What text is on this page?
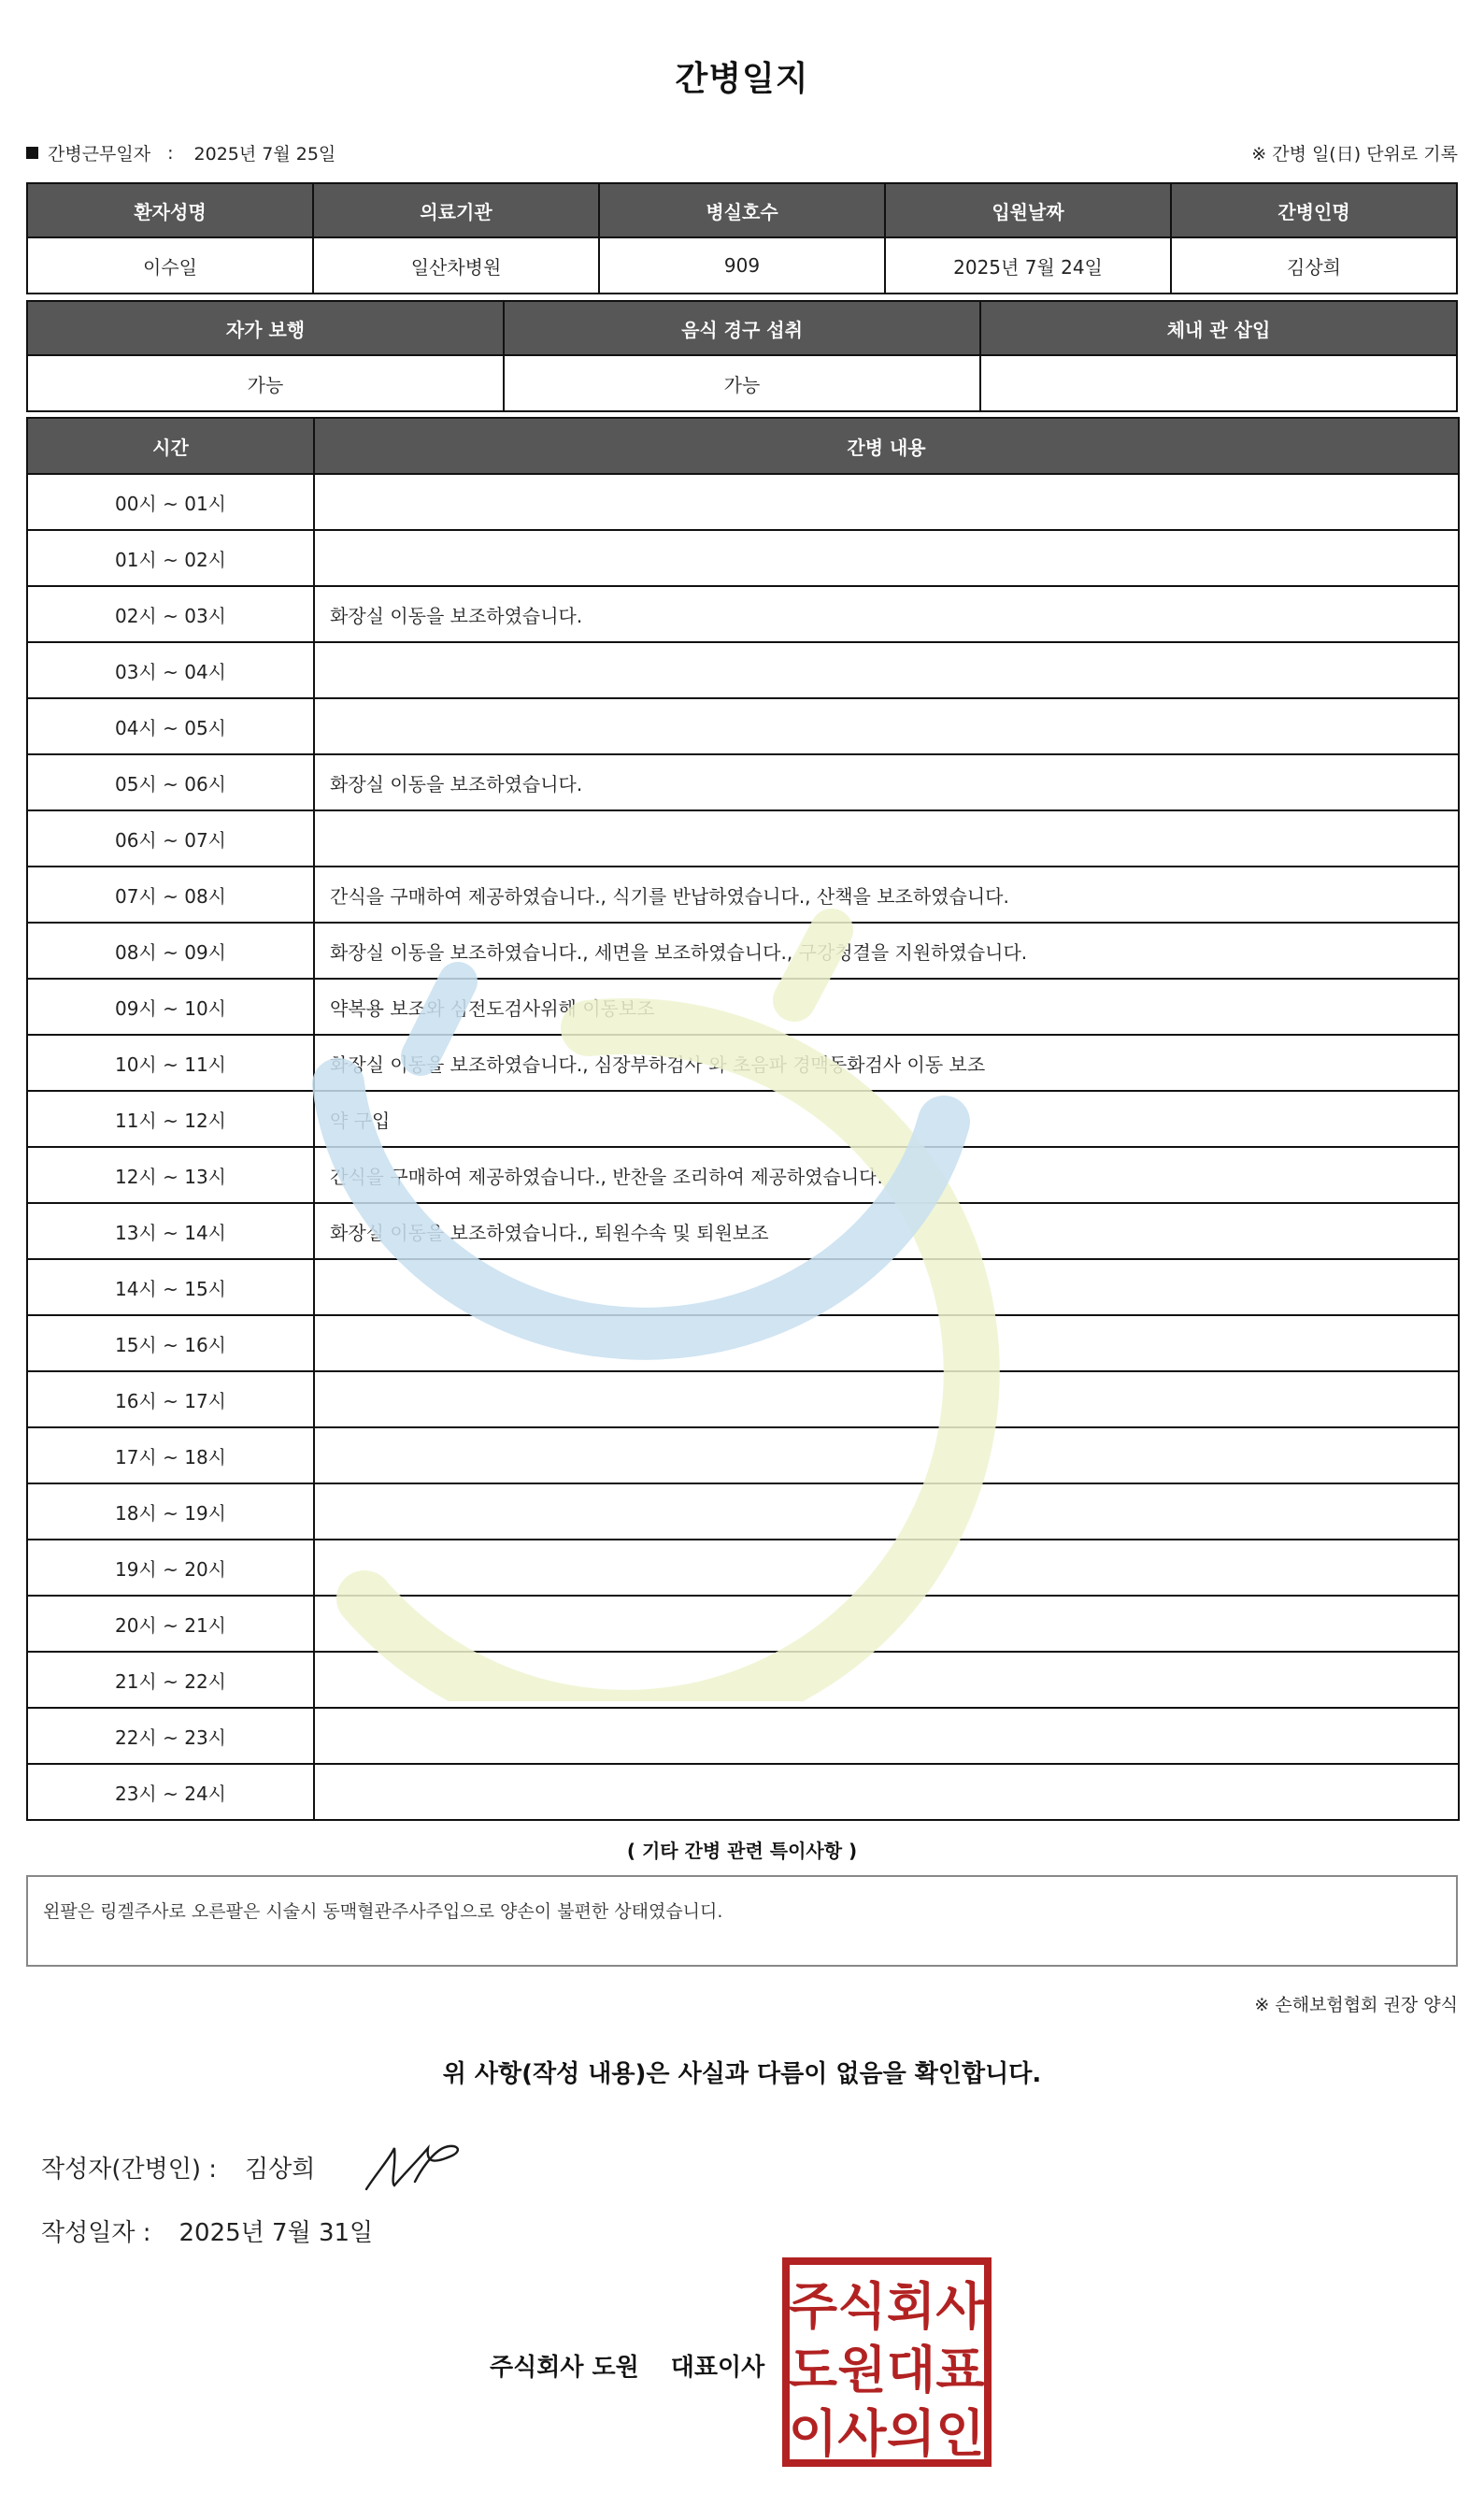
간병일지
간병근무일자 : 2025년 7월 25일	※ 간병 일(日) 단위로 기록
환자성명	의료기관	병실호수	입원날짜	간병인명
이수일	일산차병원	909	2025년 7월 24일	김상희
자가 보행	음식 경구 섭취	체내 관 삽입
가능	가능	
시간	간병 내용
00시 ~ 01시	
01시 ~ 02시	
02시 ~ 03시	화장실 이동을 보조하였습니다.
03시 ~ 04시	
04시 ~ 05시	
05시 ~ 06시	화장실 이동을 보조하였습니다.
06시 ~ 07시	
07시 ~ 08시	간식을 구매하여 제공하였습니다., 식기를 반납하였습니다., 산책을 보조하였습니다.
08시 ~ 09시	화장실 이동을 보조하였습니다., 세면을 보조하였습니다., 구강청결을 지원하였습니다.
09시 ~ 10시	약복용 보조와 심전도검사위해 이동보조
10시 ~ 11시	화장실 이동을 보조하였습니다., 심장부하검사 와 초음파 경맥동화검사 이동 보조
11시 ~ 12시	약 구입
12시 ~ 13시	간식을 구매하여 제공하였습니다., 반찬을 조리하여 제공하였습니다.
13시 ~ 14시	화장실 이동을 보조하였습니다., 퇴원수속 및 퇴원보조
14시 ~ 15시	
15시 ~ 16시	
16시 ~ 17시	
17시 ~ 18시	
18시 ~ 19시	
19시 ~ 20시	
20시 ~ 21시	
21시 ~ 22시	
22시 ~ 23시	
23시 ~ 24시	
( 기타 간병 관련 특이사항 )
왼팔은 링겔주사로 오른팔은 시술시 동맥혈관주사주입으로 양손이 불편한 상태였습니디.
※ 손해보험협회 권장 양식
위 사항(작성 내용)은 사실과 다름이 없음을 확인합니다.
작성자(간병인) : 김상희
작성일자 : 2025년 7월 31일
주식회사 도원 대표이사
주 식 회 사
도 원 대 표
이 사 의 인
